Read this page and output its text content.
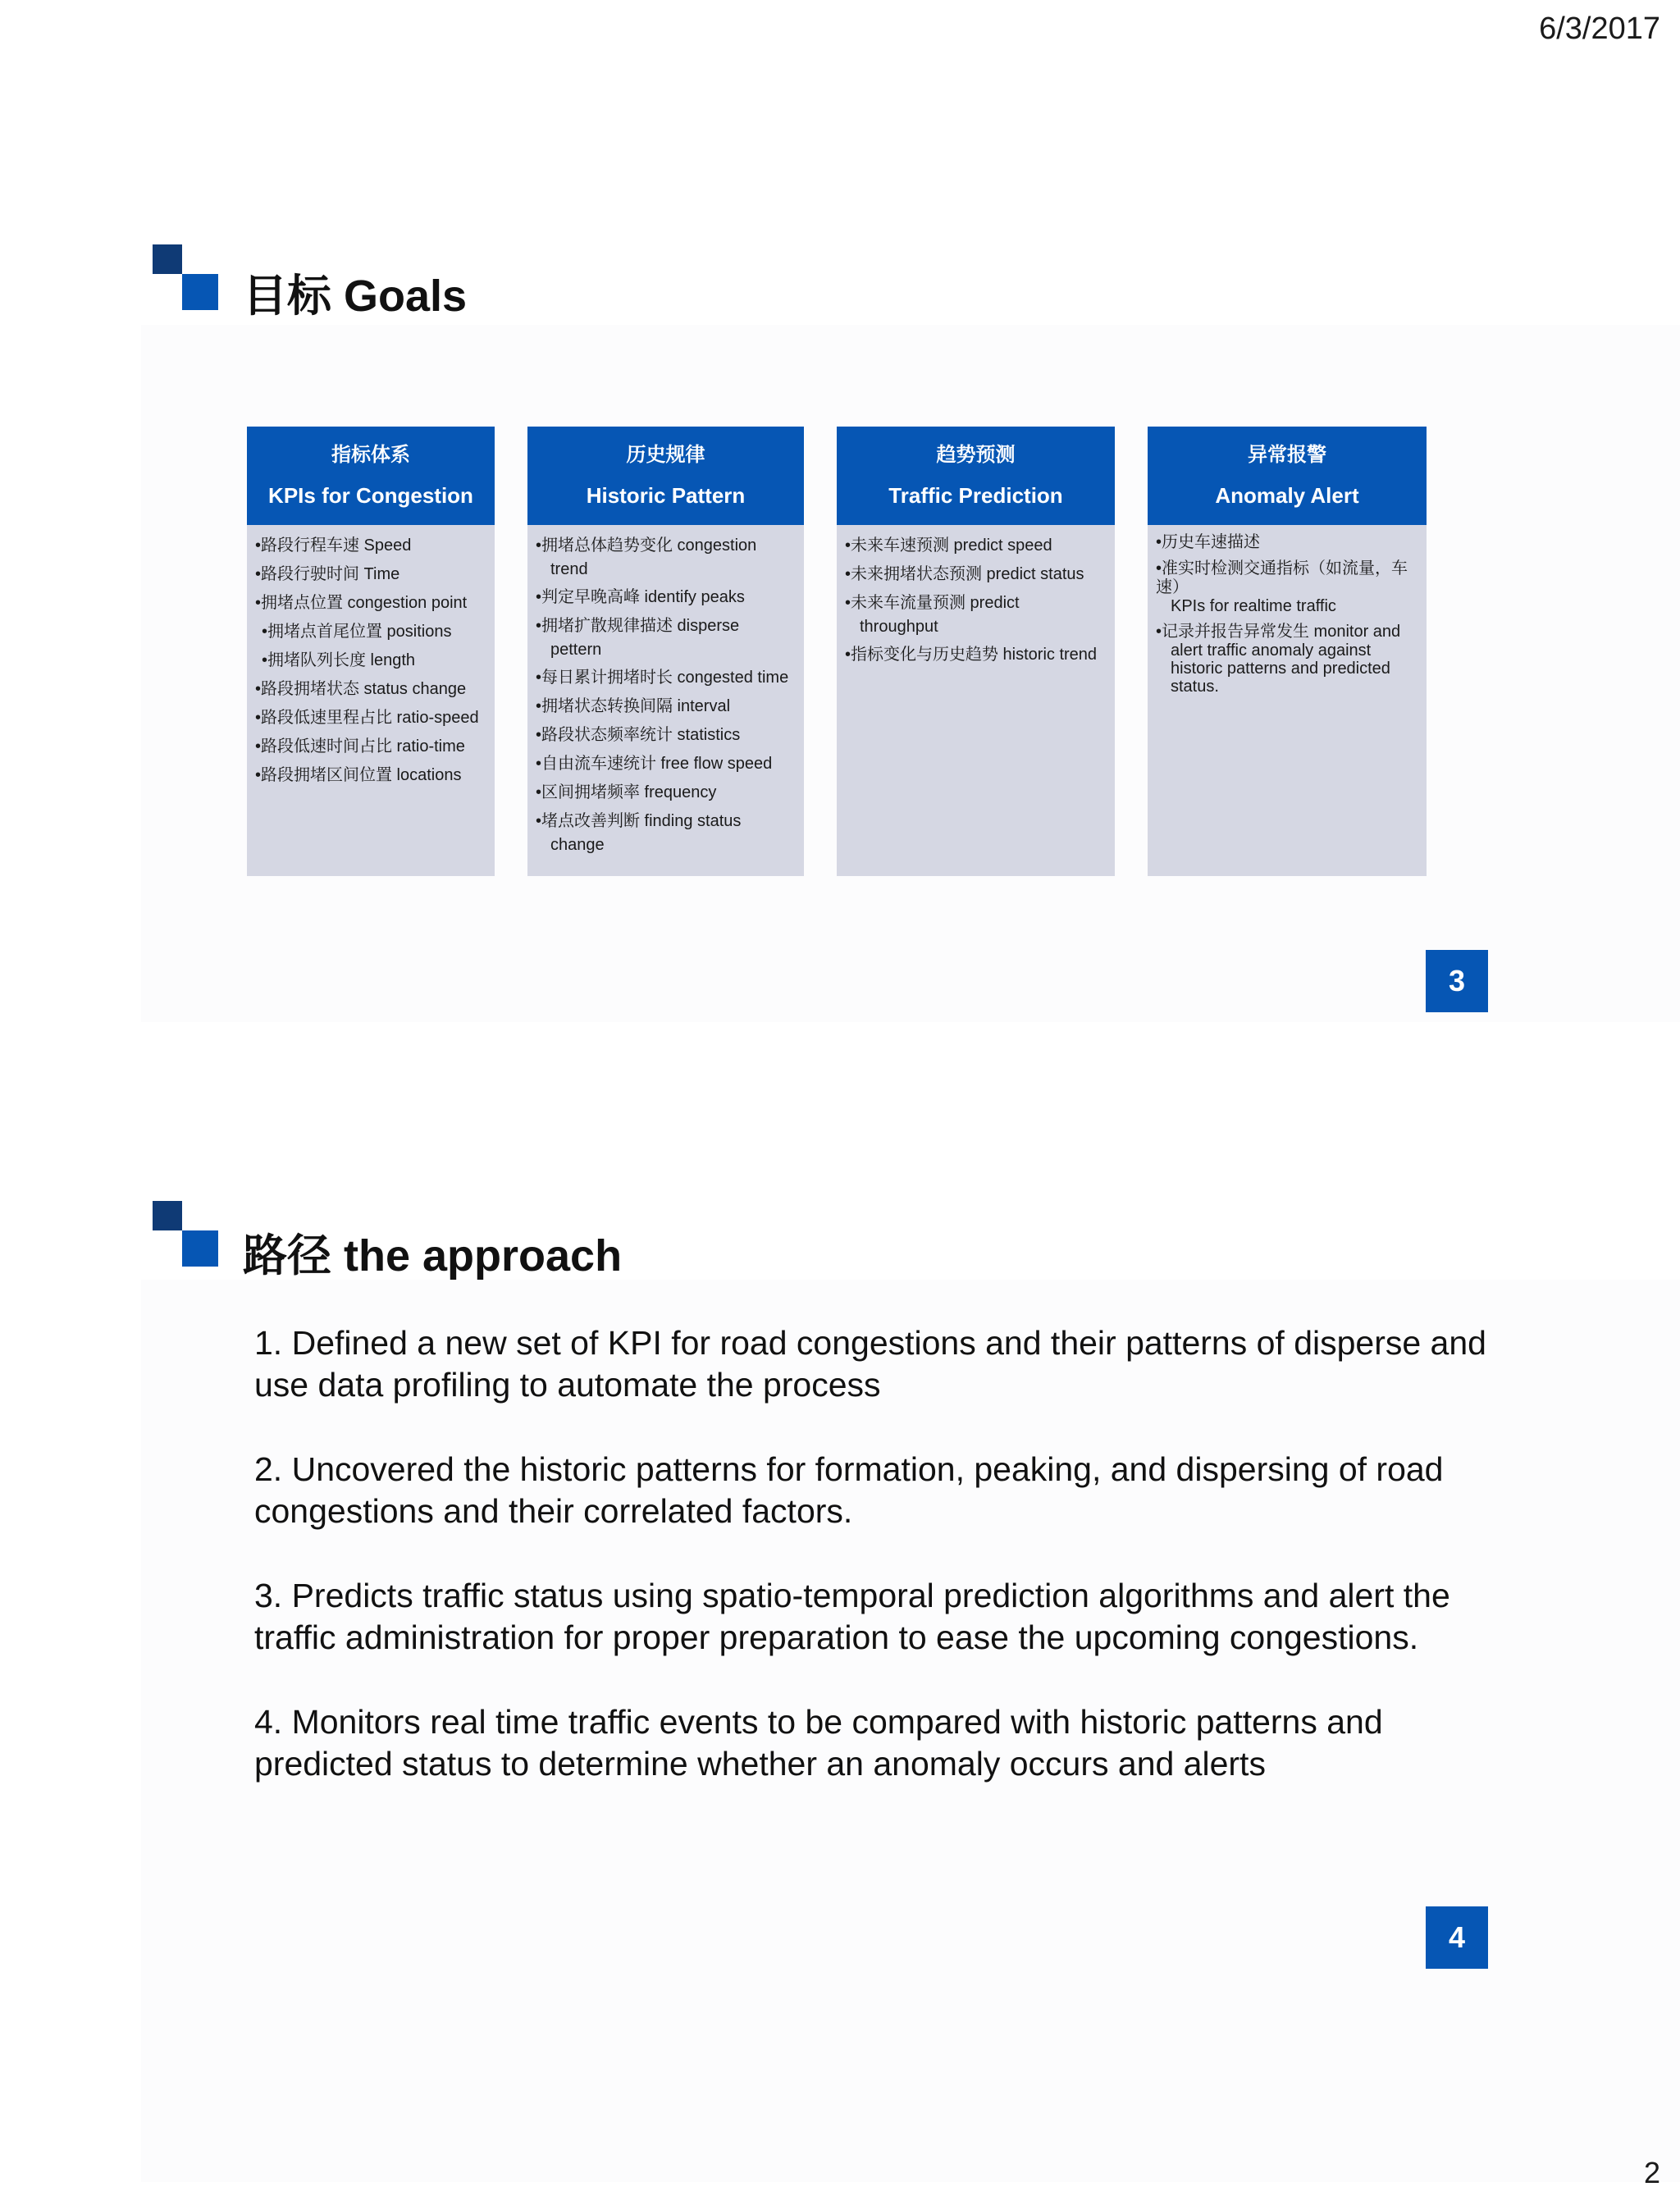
6/3/2017
目标 Goals
指标体系
KPIs for Congestion
•路段行程车速 Speed
•路段行驶时间 Time
•拥堵点位置 congestion point
•拥堵点首尾位置 positions
•拥堵队列长度 length
•路段拥堵状态 status change
•路段低速里程占比 ratio-speed
•路段低速时间占比 ratio-time
•路段拥堵区间位置 locations
历史规律
Historic Pattern
•拥堵总体趋势变化 congestion
trend
•判定早晚高峰 identify peaks
•拥堵扩散规律描述 disperse
pettern
•每日累计拥堵时长 congested time
•拥堵状态转换间隔 interval
•路段状态频率统计 statistics
•自由流车速统计 free flow speed
•区间拥堵频率 frequency
•堵点改善判断 finding status
change
趋势预测
Traffic Prediction
•未来车速预测 predict speed
•未来拥堵状态预测 predict status
•未来车流量预测 predict
throughput
•指标变化与历史趋势 historic trend
异常报警
Anomaly Alert
•历史车速描述
•准实时检测交通指标（如流量，车速）
KPIs for realtime traffic
•记录并报告异常发生 monitor and
alert traffic anomaly against historic patterns and predicted status.
3
路径 the approach

1. Defined a new set of KPI for road congestions and their patterns of disperse and use data profiling to automate the process

2. Uncovered the historic patterns for formation, peaking, and dispersing of road congestions and their correlated factors.

3. Predicts traffic status using spatio-temporal prediction algorithms and alert the traffic administration for proper preparation to ease the upcoming congestions.

4. Monitors real time traffic events to be compared with historic patterns and predicted status to determine whether an anomaly occurs and alerts

4
2
